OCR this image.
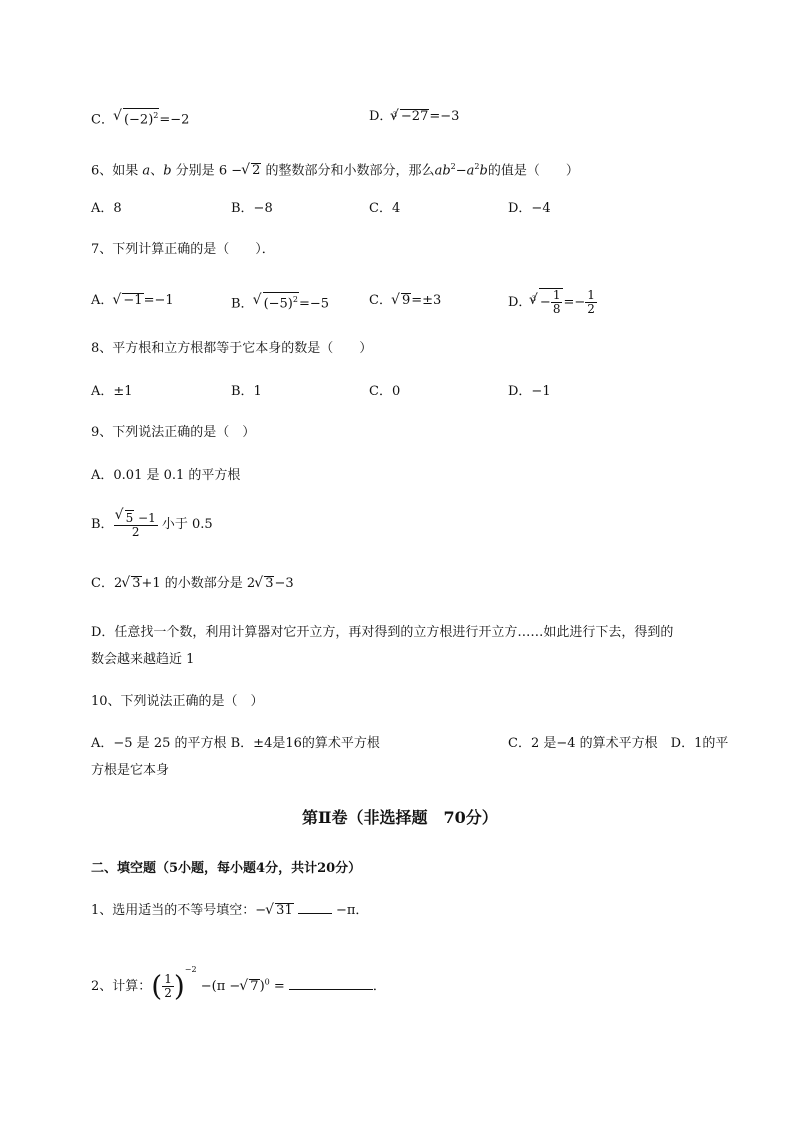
C．√ $(-2)^2=-2$	D．$^3$√ −27=−3
6、如果 a、b 分别是 6 −√ 2 的整数部分和小数部分，那么$ab^2-a^2b$的值是（　　）
A．8	B．−8	C．4	D．−4
7、下列计算正确的是（　　）．
A．√ −1=−1	B．√ $(-5)^2=-5$	C．√ 9=±3	D．$^3√ - \frac{1}{8} =- \frac{1}{2}$
8、平方根和立方根都等于它本身的数是（　　）
A．±1	B．1	C．0	D．−1
9、下列说法正确的是（　）
A．0.01 是 0.1 的平方根
B．
√ $\frac{5 -1}{2}$ 小于 0.5
C．2√ 3+1 的小数部分是 2√ 3−3
D．任意找一个数，利用计算器对它开立方，再对得到的立方根进行开立方……如此进行下去，得到的
数会越来越趋近 1
10、下列说法正确的是（　）
A．−5 是 25 的平方根 B．±4是16的算术平方根	C．2 是−4 的算术平方根　D．1的平
方根是它本身
第Ⅱ卷（非选择题　70分）
二、填空题（5小题，每小题4分，共计20分）
1、选用适当的不等号填空：−√ 31	−π．
2、计算：( $\frac{1}{2} )^{-2} -(\pi$ −√ 7)$^0$ =	．
